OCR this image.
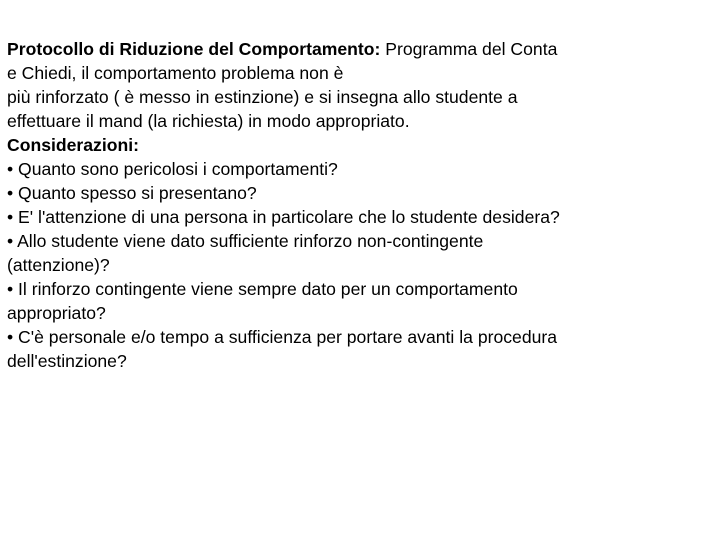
Protocollo di Riduzione del Comportamento: Programma del Conta
e Chiedi, il comportamento problema non è
più rinforzato ( è messo in estinzione) e si insegna allo studente a
effettuare il mand (la richiesta) in modo appropriato.
Considerazioni:
• Quanto sono pericolosi i comportamenti?
• Quanto spesso si presentano?
• E' l'attenzione di una persona in particolare che lo studente desidera?
• Allo studente viene dato sufficiente rinforzo non-contingente
(attenzione)?
• Il rinforzo contingente viene sempre dato per un comportamento
appropriato?
• C'è personale e/o tempo a sufficienza per portare avanti la procedura
dell'estinzione?
